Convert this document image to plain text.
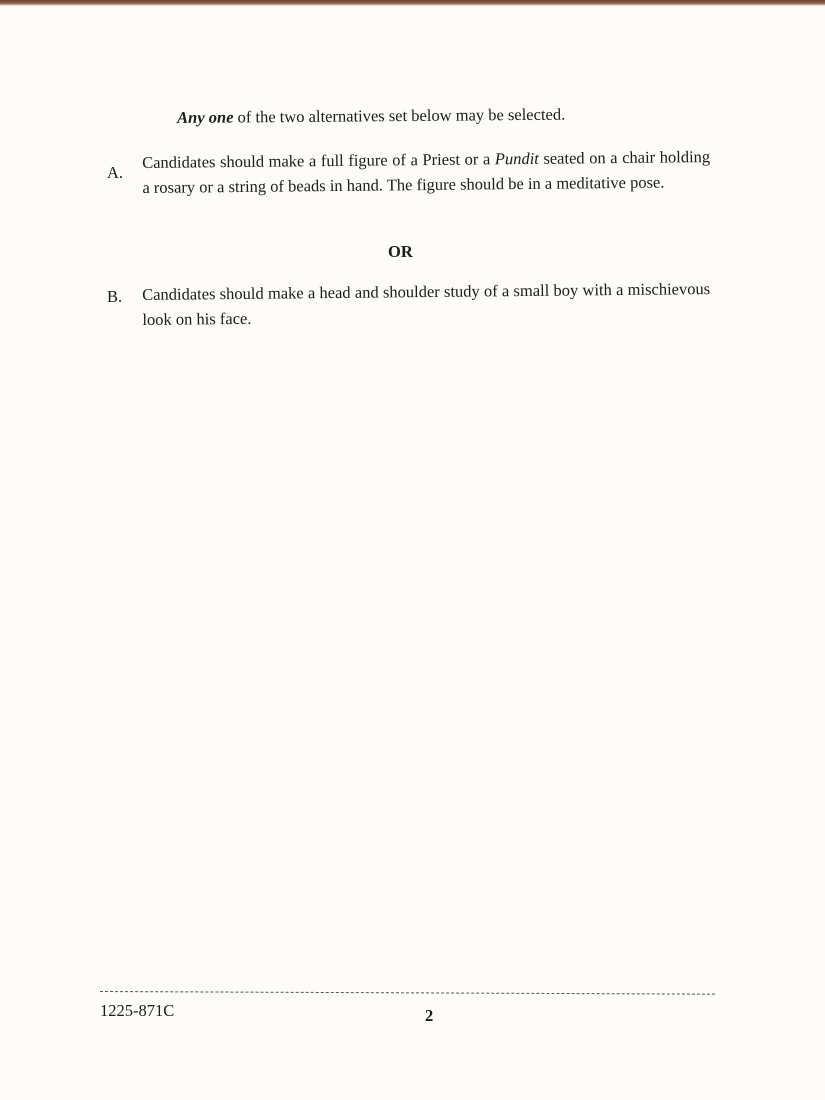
Any one of the two alternatives set below may be selected.
A.
Candidates should make a full figure of a Priest or a Pundit seated on a chair holding a rosary or a string of beads in hand. The figure should be in a meditative pose.
OR
B. Candidates should make a head and shoulder study of a small boy with a mischievous look on his face.
1225-871C	2
